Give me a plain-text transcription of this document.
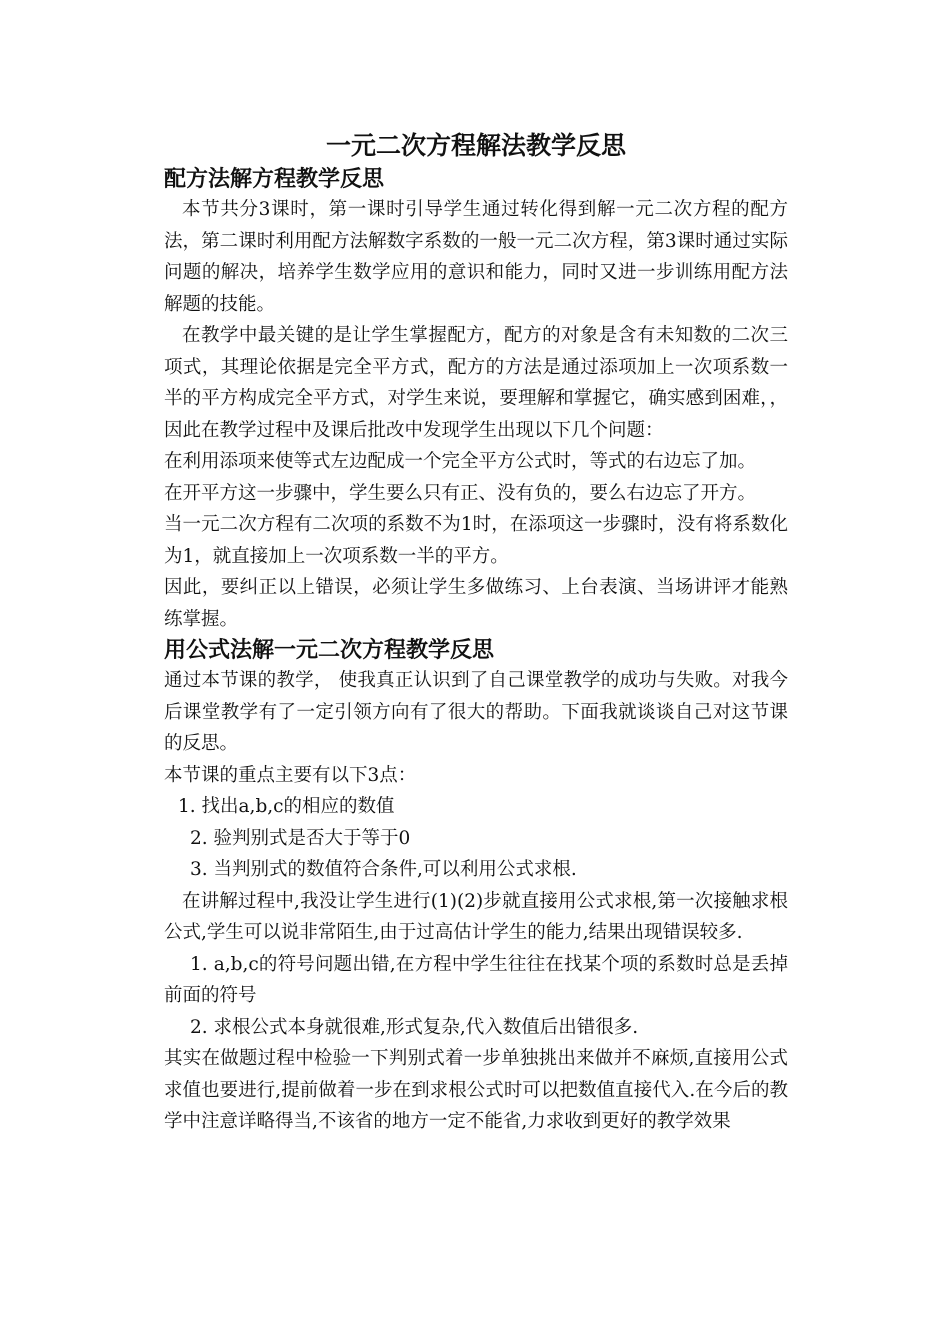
一元二次方程解法教学反思
配方法解方程教学反思

本节共分3课时，第一课时引导学生通过转化得到解一元二次方程的配方法，第二课时利用配方法解数字系数的一般一元二次方程，第3课时通过实际问题的解决，培养学生数学应用的意识和能力，同时又进一步训练用配方法解题的技能。

在教学中最关键的是让学生掌握配方，配方的对象是含有未知数的二次三项式，其理论依据是完全平方式，配方的方法是通过添项加上一次项系数一半的平方构成完全平方式，对学生来说，要理解和掌握它，确实感到困难，，因此在教学过程中及课后批改中发现学生出现以下几个问题：

在利用添项来使等式左边配成一个完全平方公式时，等式的右边忘了加。

在开平方这一步骤中，学生要么只有正、没有负的，要么右边忘了开方。

当一元二次方程有二次项的系数不为1时，在添项这一步骤时，没有将系数化为1，就直接加上一次项系数一半的平方。

因此，要纠正以上错误，必须让学生多做练习、上台表演、当场讲评才能熟练掌握。

用公式法解一元二次方程教学反思

通过本节课的教学， 使我真正认识到了自己课堂教学的成功与失败。对我今后课堂教学有了一定引领方向有了很大的帮助。下面我就谈谈自己对这节课的反思。

本节课的重点主要有以下3点：

1. 找出a,b,c的相应的数值

2. 验判别式是否大于等于0

3. 当判别式的数值符合条件,可以利用公式求根.

在讲解过程中,我没让学生进行(1)(2)步就直接用公式求根,第一次接触求根公式,学生可以说非常陌生,由于过高估计学生的能力,结果出现错误较多.

1. a,b,c的符号问题出错,在方程中学生往往在找某个项的系数时总是丢掉前面的符号

2. 求根公式本身就很难,形式复杂,代入数值后出错很多.

其实在做题过程中检验一下判别式着一步单独挑出来做并不麻烦,直接用公式求值也要进行,提前做着一步在到求根公式时可以把数值直接代入.在今后的教学中注意详略得当,不该省的地方一定不能省,力求收到更好的教学效果
